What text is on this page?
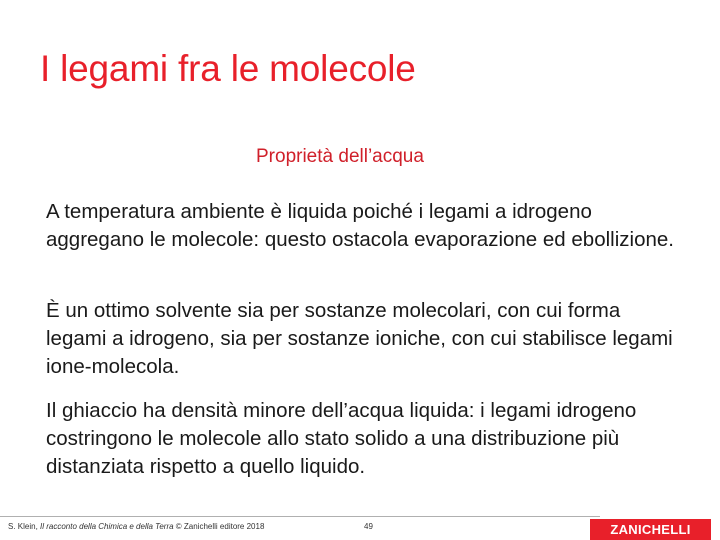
I legami fra le molecole
Proprietà dell’acqua

A temperatura ambiente è liquida poiché i legami a idrogeno aggregano le molecole: questo ostacola evaporazione ed ebollizione.

È un ottimo solvente sia per sostanze molecolari, con cui forma legami a idrogeno, sia per sostanze ioniche, con cui stabilisce legami ione-molecola.

Il ghiaccio ha densità minore dell’acqua liquida: i legami idrogeno costringono le molecole allo stato solido a una distribuzione più distanziata rispetto a quello liquido.

S. Klein, Il racconto della Chimica e della Terra © Zanichelli editore 2018	49	ZANICHELLI
